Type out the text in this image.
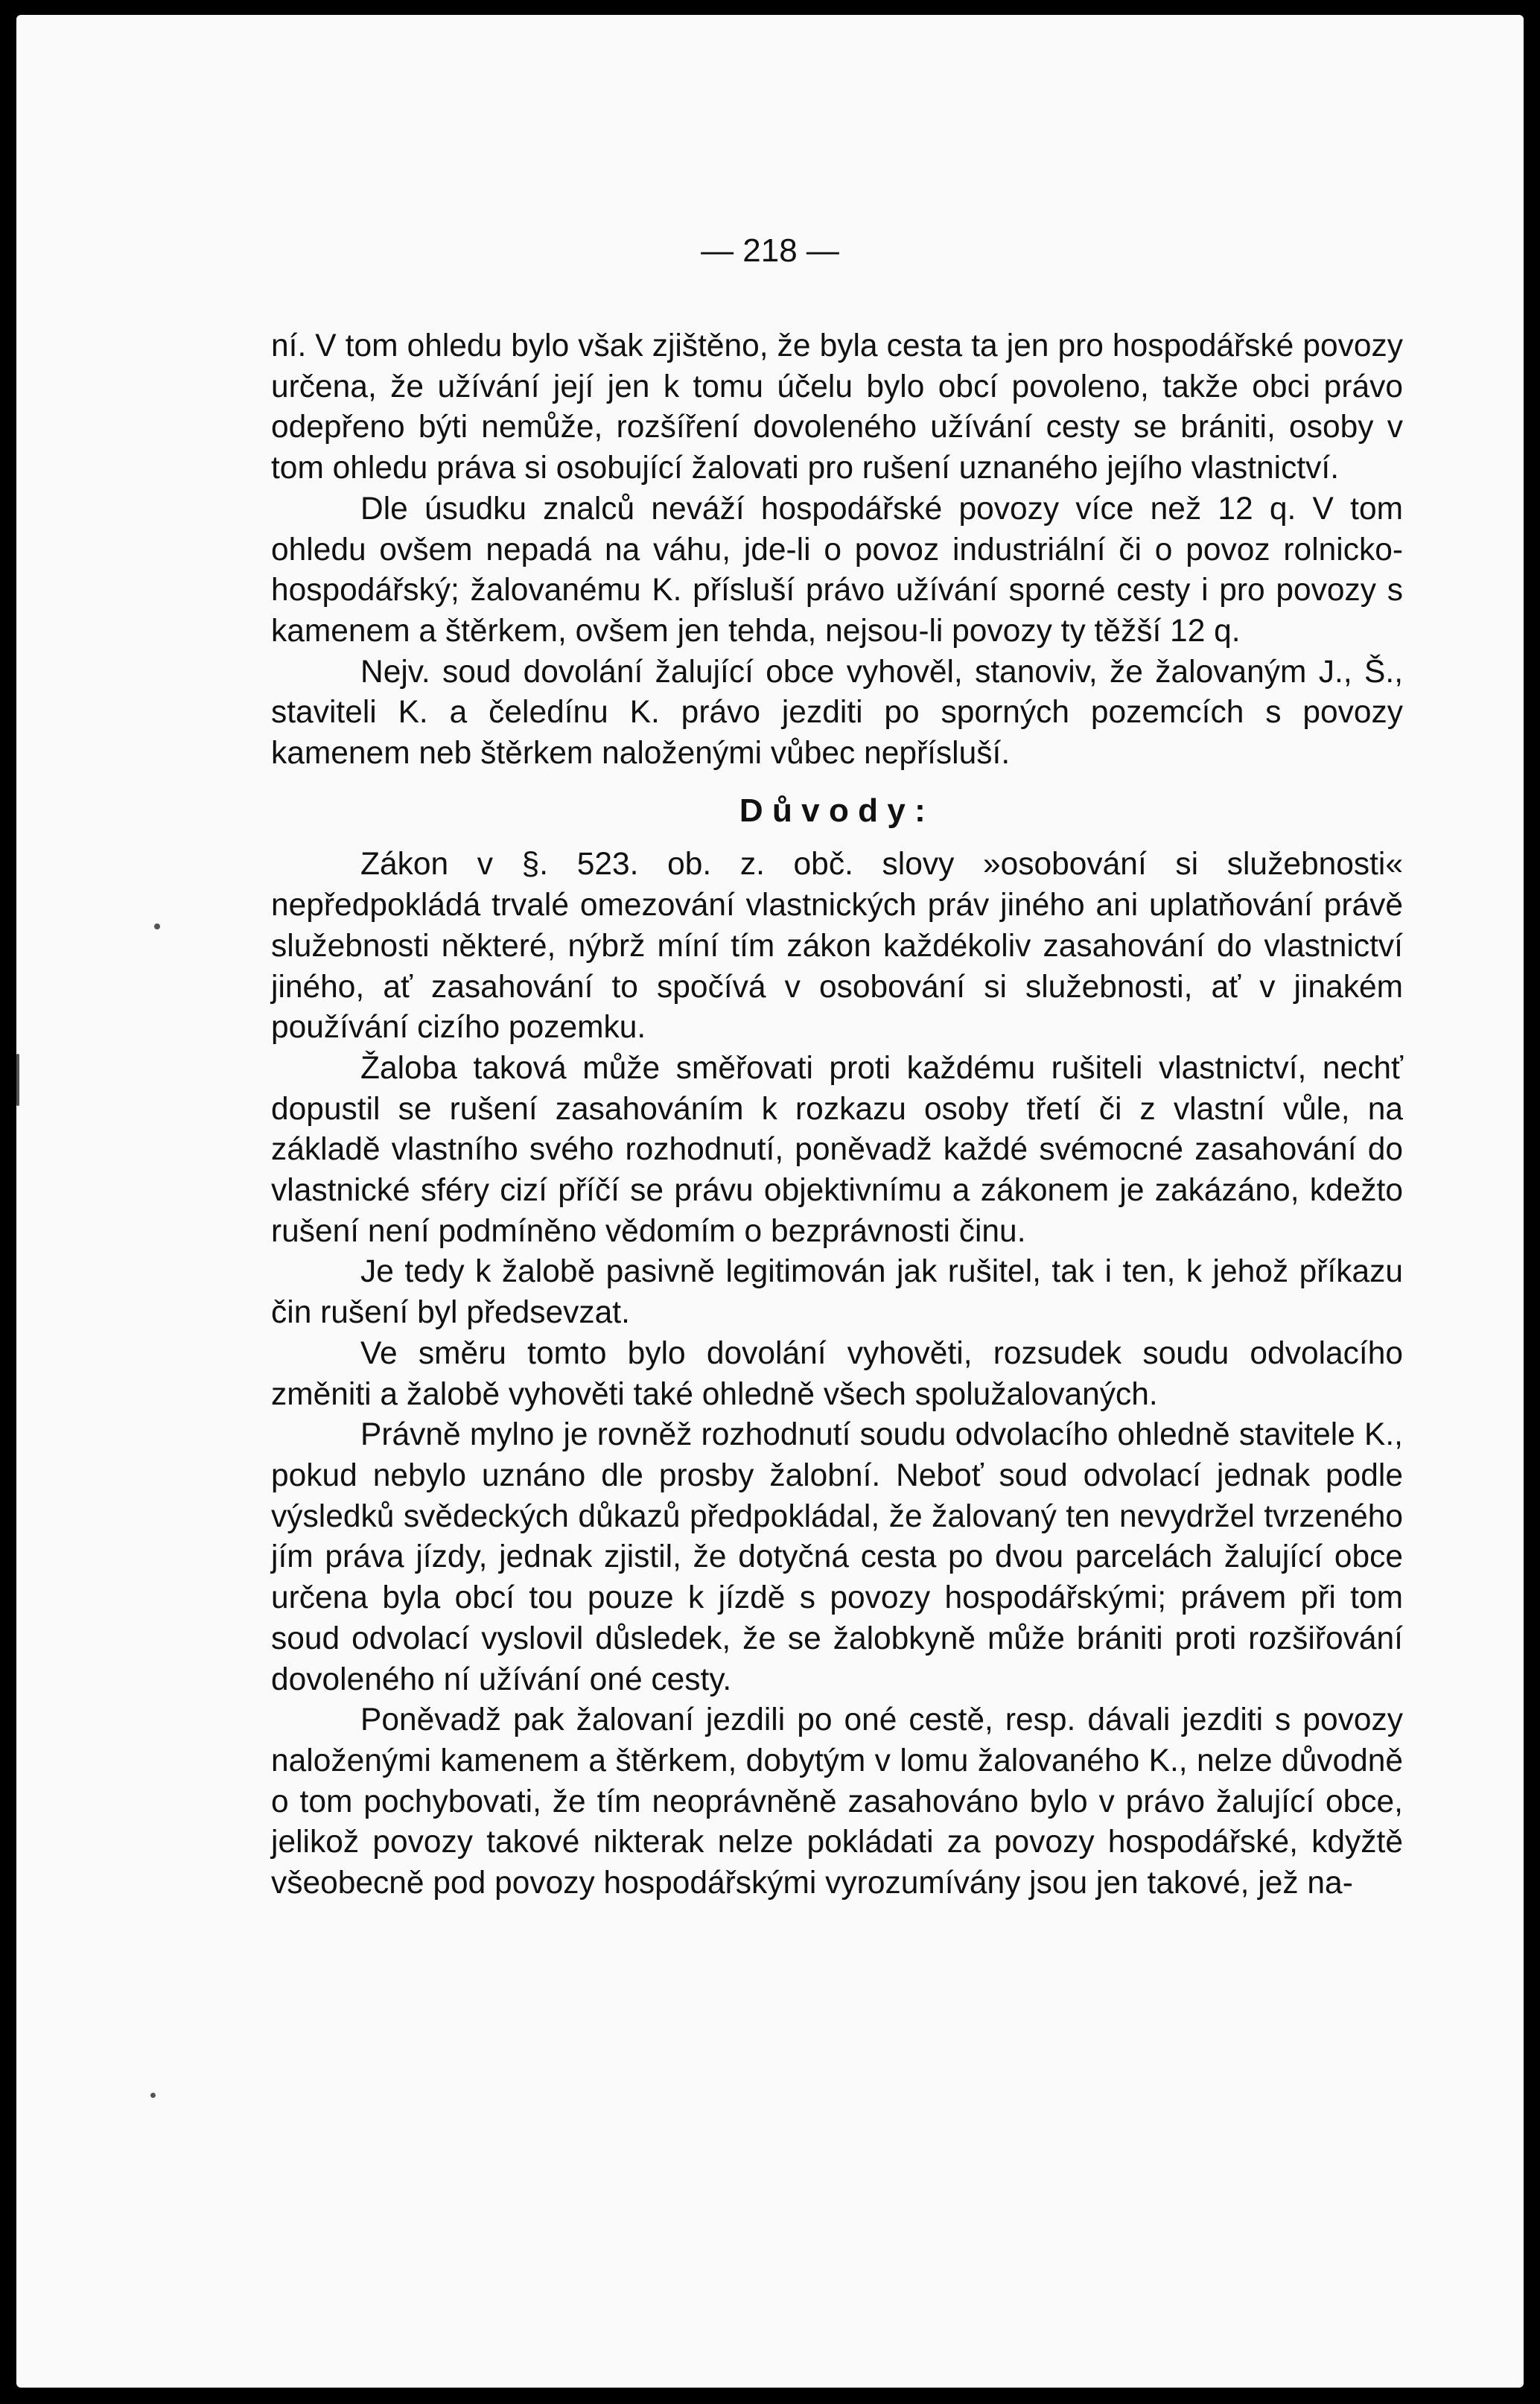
— 218 —

ní. V tom ohledu bylo však zjištěno, že byla cesta ta jen pro hospodářské povozy určena, že užívání její jen k tomu účelu bylo obcí povoleno, takže obci právo odepřeno býti nemůže, rozšíření dovoleného užívání cesty se brániti, osoby v tom ohledu práva si osobující žalovati pro rušení uznaného jejího vlastnictví.

Dle úsudku znalců neváží hospodářské povozy více než 12 q. V tom ohledu ovšem nepadá na váhu, jde-li o povoz industriální či o povoz rolnicko-hospodářský; žalovanému K. přísluší právo užívání sporné cesty i pro povozy s kamenem a štěrkem, ovšem jen tehda, nejsou-li povozy ty těžší 12 q.

Nejv. soud dovolání žalující obce vyhověl, stanoviv, že žalovaným J., Š., staviteli K. a čeledínu K. právo jezditi po sporných pozemcích s povozy kamenem neb štěrkem naloženými vůbec nepřísluší.

Důvody:

Zákon v §. 523. ob. z. obč. slovy »osobování si služebnosti« nepředpokládá trvalé omezování vlastnických práv jiného ani uplatňování právě služebnosti některé, nýbrž míní tím zákon každékoliv zasahování do vlastnictví jiného, ať zasahování to spočívá v osobování si služebnosti, ať v jinakém používání cizího pozemku.

Žaloba taková může směřovati proti každému rušiteli vlastnictví, nechť dopustil se rušení zasahováním k rozkazu osoby třetí či z vlastní vůle, na základě vlastního svého rozhodnutí, poněvadž každé svémocné zasahování do vlastnické sféry cizí příčí se právu objektivnímu a zákonem je zakázáno, kdežto rušení není podmíněno vědomím o bezprávnosti činu.

Je tedy k žalobě pasivně legitimován jak rušitel, tak i ten, k jehož příkazu čin rušení byl předsevzat.

Ve směru tomto bylo dovolání vyhověti, rozsudek soudu odvolacího změniti a žalobě vyhověti také ohledně všech spolužalovaných.

Právně mylno je rovněž rozhodnutí soudu odvolacího ohledně stavitele K., pokud nebylo uznáno dle prosby žalobní. Neboť soud odvolací jednak podle výsledků svědeckých důkazů předpokládal, že žalovaný ten nevydržel tvrzeného jím práva jízdy, jednak zjistil, že dotyčná cesta po dvou parcelách žalující obce určena byla obcí tou pouze k jízdě s povozy hospodářskými; právem při tom soud odvolací vyslovil důsledek, že se žalobkyně může brániti proti rozšiřování dovoleného ní užívání oné cesty.

Poněvadž pak žalovaní jezdili po oné cestě, resp. dávali jezditi s povozy naloženými kamenem a štěrkem, dobytým v lomu žalovaného K., nelze důvodně o tom pochybovati, že tím neoprávněně zasahováno bylo v právo žalující obce, jelikož povozy takové nikterak nelze pokládati za povozy hospodářské, kdyžtě všeobecně pod povozy hospodářskými vyrozumívány jsou jen takové, jež na-
